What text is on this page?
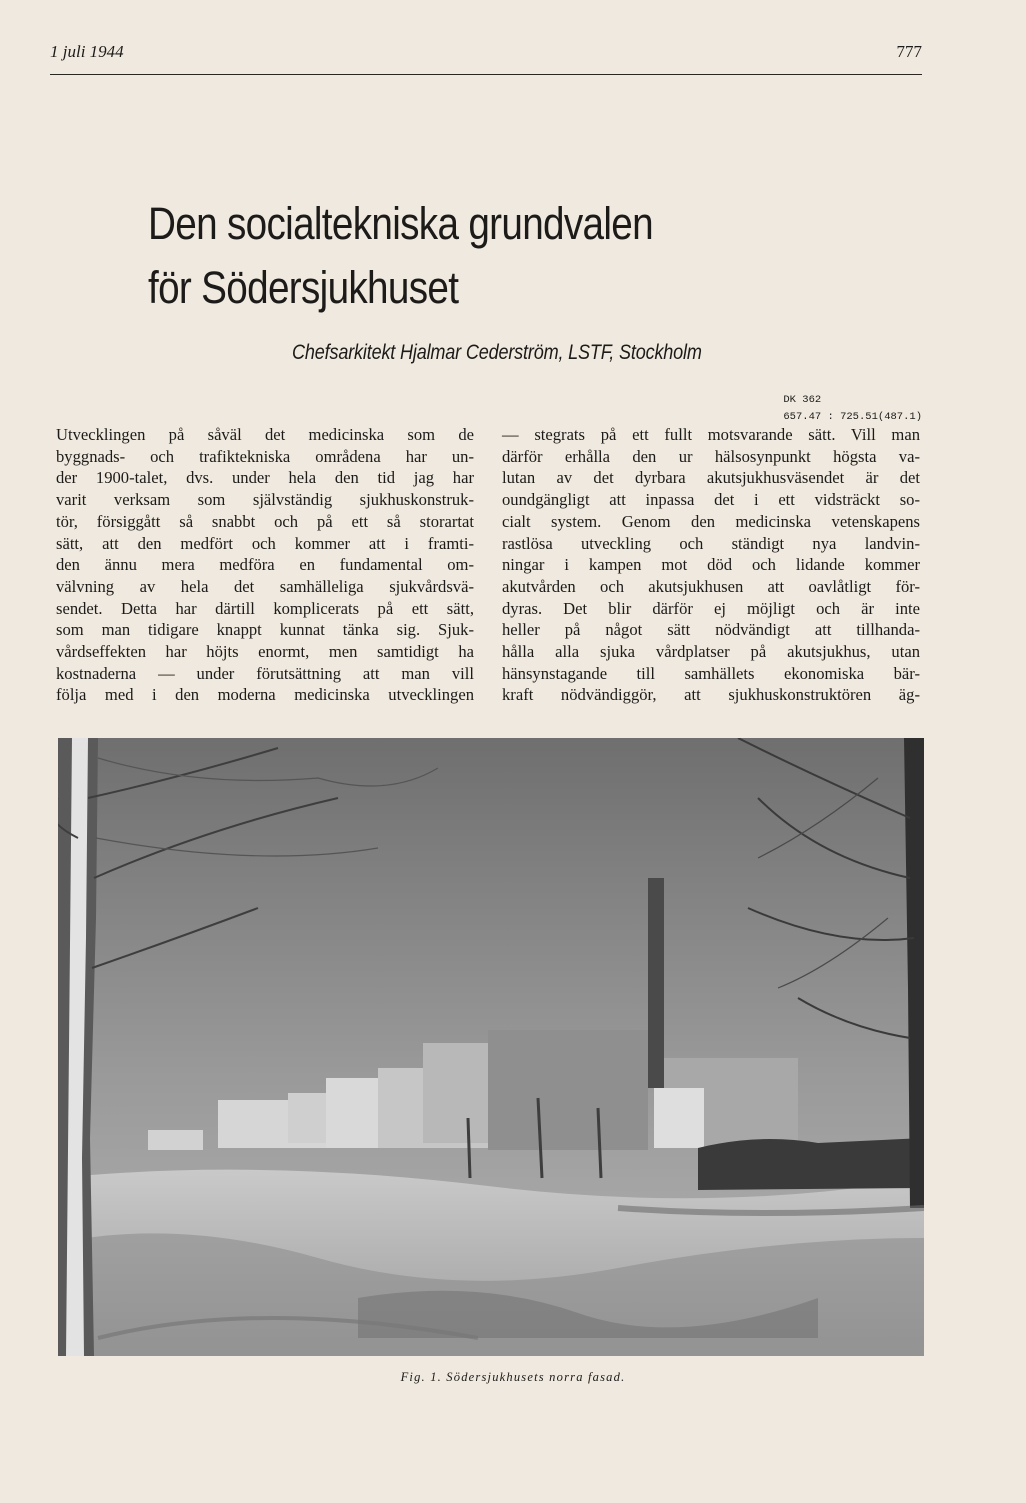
1 juli 1944	777
Den socialtekniska grundvalen
för Södersjukhuset
Chefsarkitekt Hjalmar Cederström, LSTF, Stockholm
DK 362
657.47 : 725.51(487.1)
Utvecklingen på såväl det medicinska som de
byggnads- och trafiktekniska områdena har un-
der 1900-talet, dvs. under hela den tid jag har
varit verksam som självständig sjukhuskonstruk-
tör, försiggått så snabbt och på ett så storartat
sätt, att den medfört och kommer att i framti-
den ännu mera medföra en fundamental om-
välvning av hela det samhälleliga sjukvårdsvä-
sendet. Detta har därtill komplicerats på ett sätt,
som man tidigare knappt kunnat tänka sig. Sjuk-
vårdseffekten har höjts enormt, men samtidigt ha
kostnaderna — under förutsättning att man vill
följa med i den moderna medicinska utvecklingen
— stegrats på ett fullt motsvarande sätt. Vill man
därför erhålla den ur hälsosynpunkt högsta va-
lutan av det dyrbara akutsjukhusväsendet är det
oundgängligt att inpassa det i ett vidsträckt so-
cialt system. Genom den medicinska vetenskapens
rastlösa utveckling och ständigt nya landvin-
ningar i kampen mot död och lidande kommer
akutvården och akutsjukhusen att oavlåtligt för-
dyras. Det blir därför ej möjligt och är inte
heller på något sätt nödvändigt att tillhanda-
hålla alla sjuka vårdplatser på akutsjukhus, utan
hänsynstagande till samhällets ekonomiska bär-
kraft nödvändiggör, att sjukhuskonstruktören äg-
Fig. 1. Södersjukhusets norra fasad.
